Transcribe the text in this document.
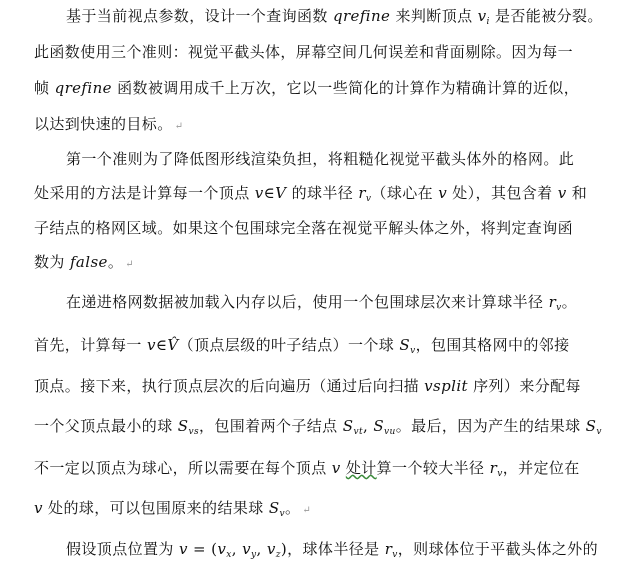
基于当前视点参数，设计一个查询函数 qrefine 来判断顶点 $v_i$ 是否能被分裂。
此函数使用三个准则：视觉平截头体，屏幕空间几何误差和背面剔除。因为每一
帧 qrefine 函数被调用成千上万次，它以一些简化的计算作为精确计算的近似，
以达到快速的目标。 ↵
第一个准则为了降低图形线渲染负担，将粗糙化视觉平截头体外的格网。此
处采用的方法是计算每一个顶点 v∈V 的球半径 $r_v$（球心在 v 处），其包含着 v 和
子结点的格网区域。如果这个包围球完全落在视觉平解头体之外，将判定查询函
数为 false。 ↵
在递进格网数据被加载入内存以后，使用一个包围球层次来计算球半径 $r_v$。
首先，计算每一 v∈V̂（顶点层级的叶子结点）一个球 $S_v$，包围其格网中的邻接
顶点。接下来，执行顶点层次的后向遍历（通过后向扫描 vsplit 序列）来分配每
一个父顶点最小的球 $S_{vs}$，包围着两个子结点 $S_{vt}$, $S_{vu}$。最后，因为产生的结果球 $S_v$
不一定以顶点为球心，所以需要在每个顶点 v 处计算一个较大半径 $r_v$，并定位在
v 处的球，可以包围原来的结果球 $S_v$。 ↵
假设顶点位置为 $v = (v_x$, $v_y$, $v_z$)，球体半径是 $r_v$，则球体位于平截头体之外的
